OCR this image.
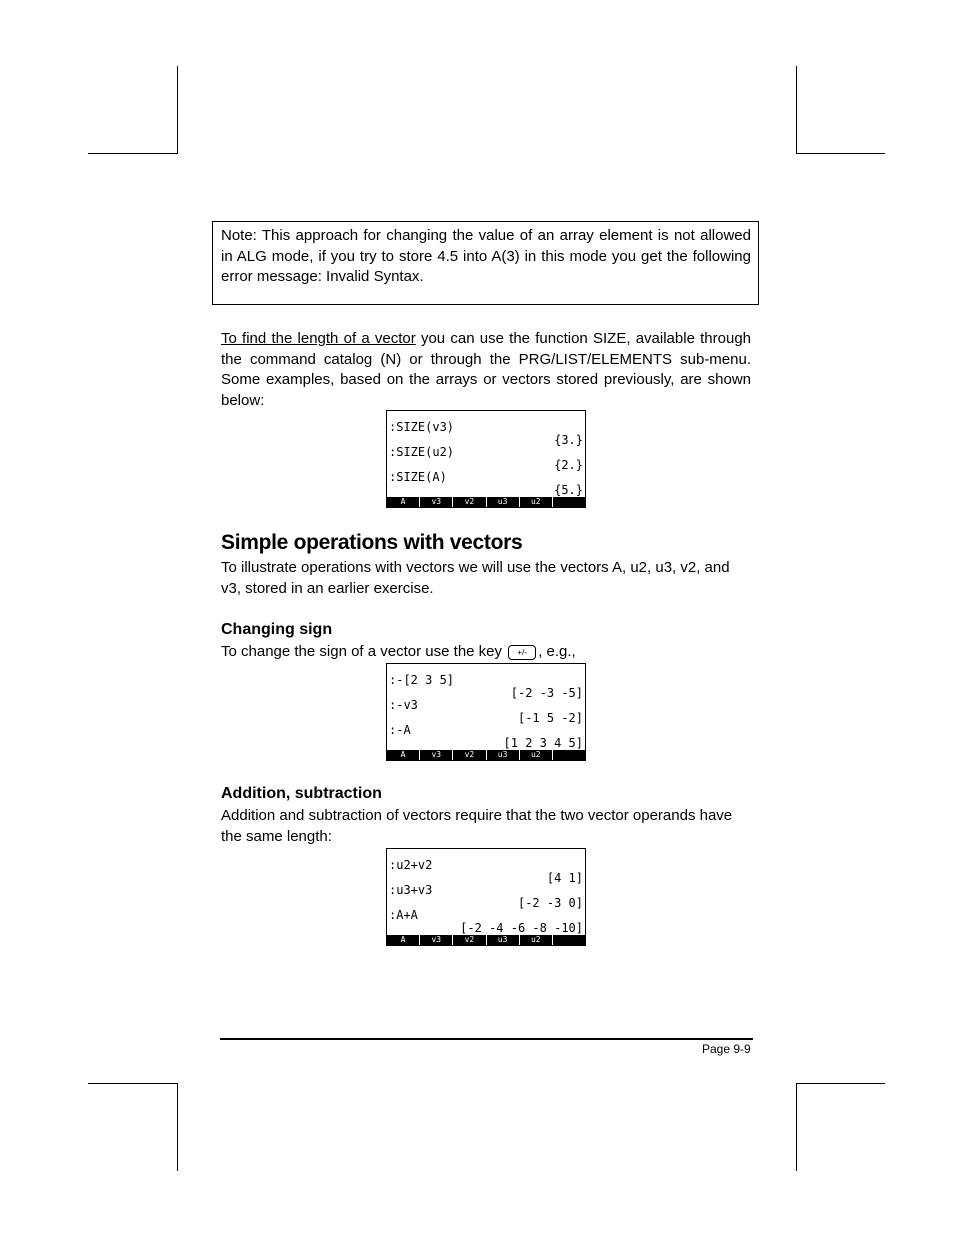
Note: This approach for changing the value of an array element is not allowed in ALG mode, if you try to store 4.5 into A(3) in this mode you get the following error message: Invalid Syntax.

To find the length of a vector you can use the function SIZE, available through the command catalog (N) or through the PRG/LIST/ELEMENTS sub-menu. Some examples, based on the arrays or vectors stored previously, are shown below:

:SIZE(v3)
{3.}
:SIZE(u2)
{2.}
:SIZE(A)
{5.}
A	v3	v2	u3	u2
Simple operations with vectors

To illustrate operations with vectors we will use the vectors A, u2, u3, v2, and v3, stored in an earlier exercise.

Changing sign

To change the sign of a vector use the key +/- , e.g.,

:-[2 3 5]
[-2 -3 -5]
:-v3
[-1 5 -2]
:-A
[1 2 3 4 5]
A	v3	v2	u3	u2
Addition, subtraction

Addition and subtraction of vectors require that the two vector operands have the same length:

:u2+v2
[4 1]
:u3+v3
[-2 -3 0]
:A+A
[-2 -4 -6 -8 -10]
A	v3	v2	u3	u2
Page 9-9
